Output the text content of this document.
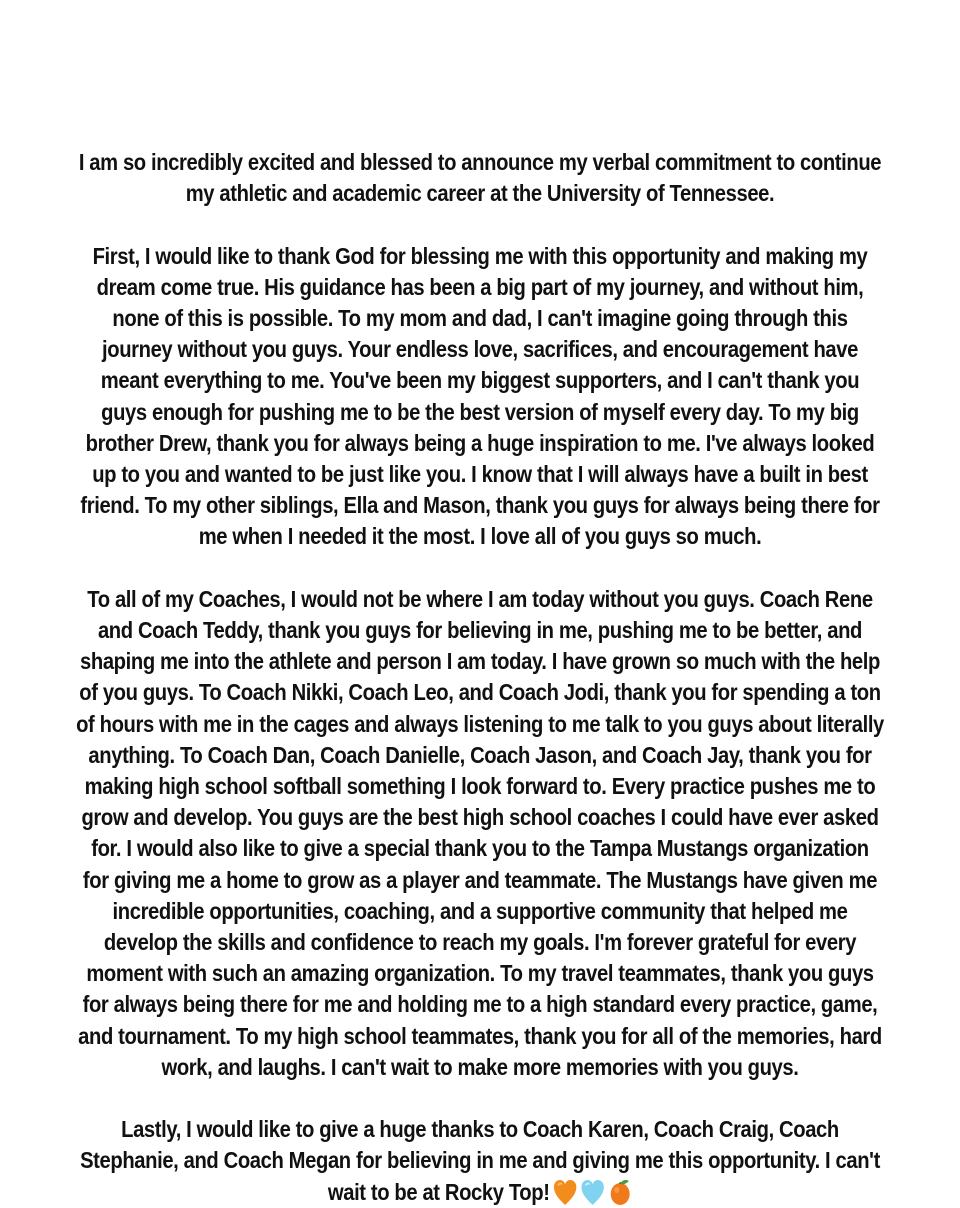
I am so incredibly excited and blessed to announce my verbal commitment to continue my athletic and academic career at the University of Tennessee.

First, I would like to thank God for blessing me with this opportunity and making my dream come true. His guidance has been a big part of my journey, and without him, none of this is possible. To my mom and dad, I can't imagine going through this journey without you guys. Your endless love, sacrifices, and encouragement have meant everything to me. You've been my biggest supporters, and I can't thank you guys enough for pushing me to be the best version of myself every day. To my big brother Drew, thank you for always being a huge inspiration to me. I've always looked up to you and wanted to be just like you. I know that I will always have a built in best friend. To my other siblings, Ella and Mason, thank you guys for always being there for me when I needed it the most. I love all of you guys so much.

To all of my Coaches, I would not be where I am today without you guys. Coach Rene and Coach Teddy, thank you guys for believing in me, pushing me to be better, and shaping me into the athlete and person I am today. I have grown so much with the help of you guys. To Coach Nikki, Coach Leo, and Coach Jodi, thank you for spending a ton of hours with me in the cages and always listening to me talk to you guys about literally anything. To Coach Dan, Coach Danielle, Coach Jason, and Coach Jay, thank you for making high school softball something I look forward to. Every practice pushes me to grow and develop. You guys are the best high school coaches I could have ever asked for. I would also like to give a special thank you to the Tampa Mustangs organization for giving me a home to grow as a player and teammate. The Mustangs have given me incredible opportunities, coaching, and a supportive community that helped me develop the skills and confidence to reach my goals. I'm forever grateful for every moment with such an amazing organization. To my travel teammates, thank you guys for always being there for me and holding me to a high standard every practice, game, and tournament. To my high school teammates, thank you for all of the memories, hard work, and laughs. I can't wait to make more memories with you guys.

Lastly, I would like to give a huge thanks to Coach Karen, Coach Craig, Coach Stephanie, and Coach Megan for believing in me and giving me this opportunity. I can't wait to be at Rocky Top!
